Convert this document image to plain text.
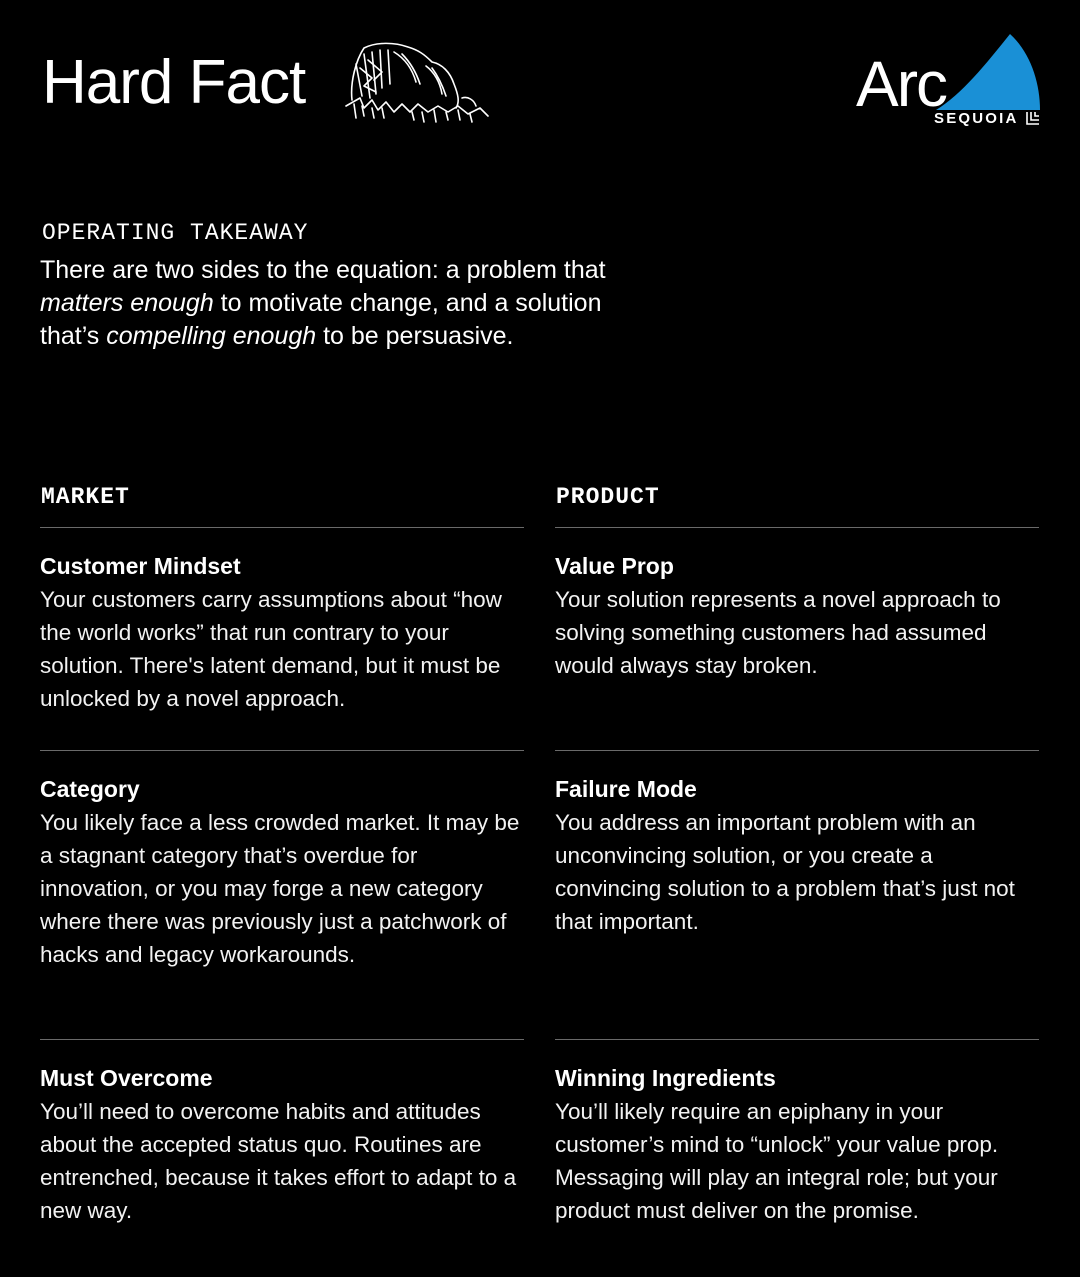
Hard Fact	Arc
SEQUOIA
OPERATING TAKEAWAY

There are two sides to the equation: a problem that matters enough to motivate change, and a solution that’s compelling enough to be persuasive.

MARKET
Customer Mindset

Your customers carry assumptions about “how the world works” that run contrary to your solution. There's latent demand, but it must be unlocked by a novel approach.

Category

You likely face a less crowded market. It may be a stagnant category that’s overdue for innovation, or you may forge a new category where there was previously just a patchwork of hacks and legacy workarounds.

Must Overcome

You’ll need to overcome habits and attitudes about the accepted status quo. Routines are entrenched, because it takes effort to adapt to a new way.

PRODUCT
Value Prop

Your solution represents a novel approach to solving something customers had assumed would always stay broken.

Failure Mode

You address an important problem with an unconvincing solution, or you create a convincing solution to a problem that’s just not that important.

Winning Ingredients

You’ll likely require an epiphany in your customer’s mind to “unlock” your value prop. Messaging will play an integral role; but your product must deliver on the promise.
